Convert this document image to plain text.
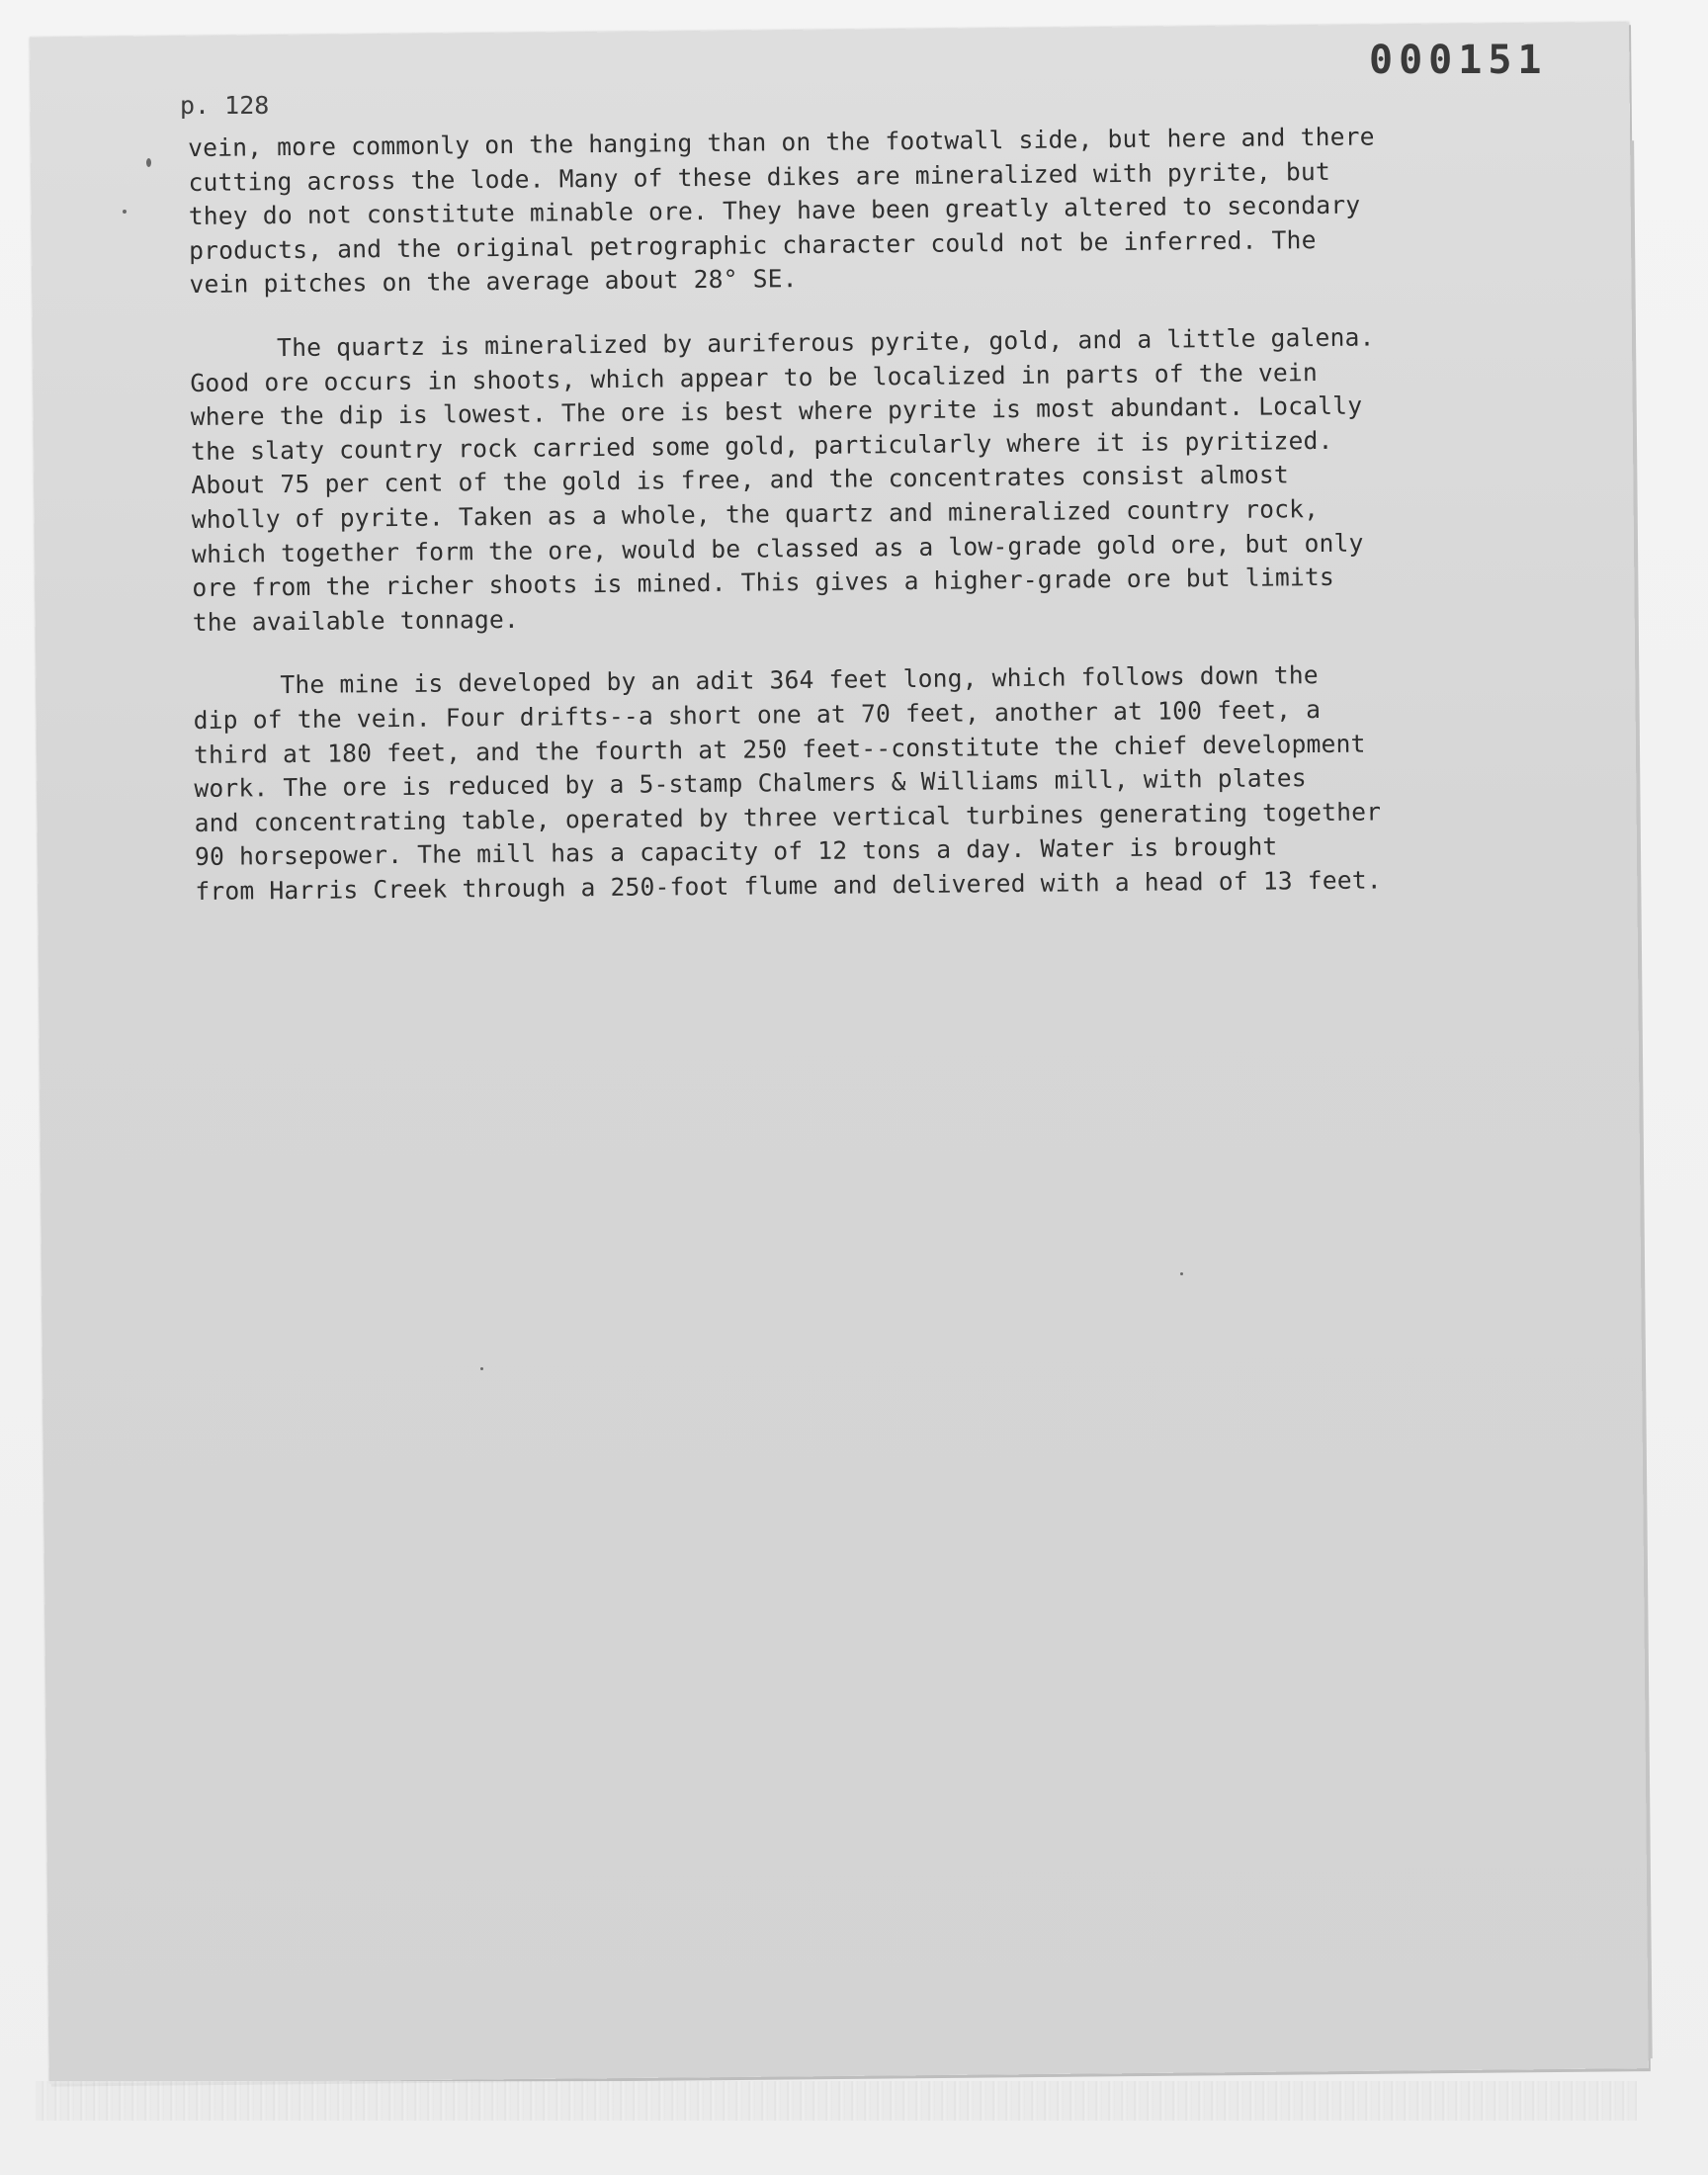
000151
p. 128
vein, more commonly on the hanging than on the footwall side, but here and there
cutting across the lode. Many of these dikes are mineralized with pyrite, but
they do not constitute minable ore. They have been greatly altered to secondary
products, and the original petrographic character could not be inferred. The
vein pitches on the average about 28° SE.
The quartz is mineralized by auriferous pyrite, gold, and a little galena.
Good ore occurs in shoots, which appear to be localized in parts of the vein
where the dip is lowest. The ore is best where pyrite is most abundant. Locally
the slaty country rock carried some gold, particularly where it is pyritized.
About 75 per cent of the gold is free, and the concentrates consist almost
wholly of pyrite. Taken as a whole, the quartz and mineralized country rock,
which together form the ore, would be classed as a low-grade gold ore, but only
ore from the richer shoots is mined. This gives a higher-grade ore but limits
the available tonnage.
The mine is developed by an adit 364 feet long, which follows down the
dip of the vein. Four drifts--a short one at 70 feet, another at 100 feet, a
third at 180 feet, and the fourth at 250 feet--constitute the chief development
work. The ore is reduced by a 5-stamp Chalmers & Williams mill, with plates
and concentrating table, operated by three vertical turbines generating together
90 horsepower. The mill has a capacity of 12 tons a day. Water is brought
from Harris Creek through a 250-foot flume and delivered with a head of 13 feet.
